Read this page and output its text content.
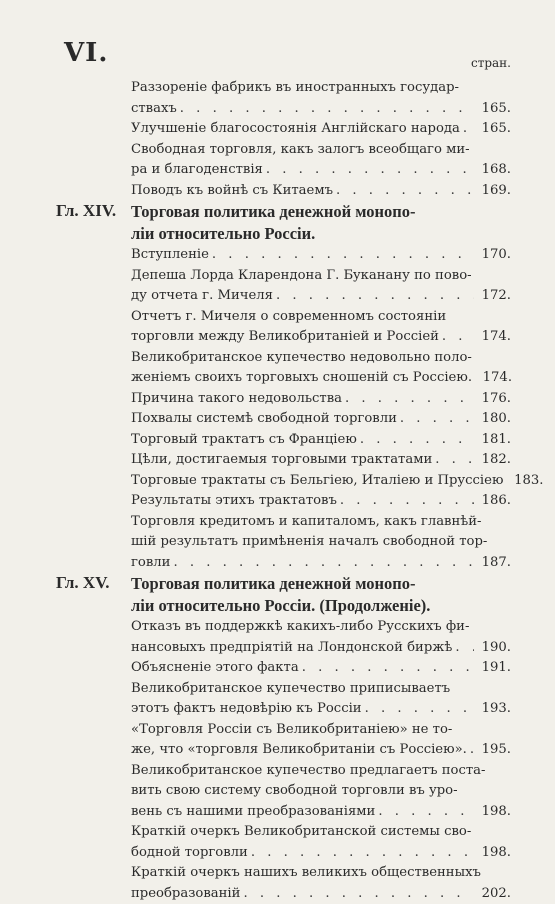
VI.	стран.
Раззореніе фабрикъ въ иностранныхъ государ-
ствахъ . . .	165.
Улучшеніе благосостоянія Англійскаго народа . . .	165.
Свободная торговля, какъ залогъ всеобщаго ми-
ра и благоденствія . . .	168.
Поводъ къ войнѣ съ Китаемъ . . .	169.
Гл. XIV. Торговая политика денежной монопо-
ліи относительно Россіи.
Вступленіе . . .	170.
Депеша Лорда Кларендона Г. Бyканану по пово-
ду отчета г. Мичеля . . .	172.
Отчетъ г. Мичеля о современномъ состояніи
торговли между Великобританіей и Россіей . . .	174.
Великобританское купечество недовольно поло-
женіемъ своихъ торговыхъ сношеній съ Россіею. 174.
Причина такого недовольства . . .	176.
Похвалы системѣ свободной торговли . . .	180.
Торговый трактатъ съ Франціею . . .	181.
Цѣли, достигаемыя торговыми трактатами . . .	182.
Торговые трактаты съ Бельгіею, Италіею и Пруссіею 183.
Результаты этихъ трактатовъ . . .	186.
Торговля кредитомъ и капиталомъ, какъ главнѣй-
шій результатъ примѣненія началъ свободной тор-
говли . . .	187.
Гл. XV. Торговая политика денежной монопо-
ліи относительно Россіи. (Продолженіе).
Отказъ въ поддержкѣ какихъ-либо Русскихъ фи-
нансовыхъ предпріятій на Лондонской биржѣ . . .	190.
Объясненіе этого факта . . .	191.
Великобританское купечество приписываетъ
этотъ фактъ недовѣрію къ Россіи . . .	193.
«Торговля Россіи съ Великобританіею» не то-
же, что «торговля Великобританіи съ Россіею». . . .	195.
Великобританское купечество предлагаетъ поста-
вить свою систему свободной торговли въ уро-
вень съ нашими преобразованіями . . .	198.
Краткій очеркъ Великобританской системы сво-
бодной торговли . . .	198.
Краткій очеркъ нашихъ великихъ общественныхъ
преобразованій . . .	202.
